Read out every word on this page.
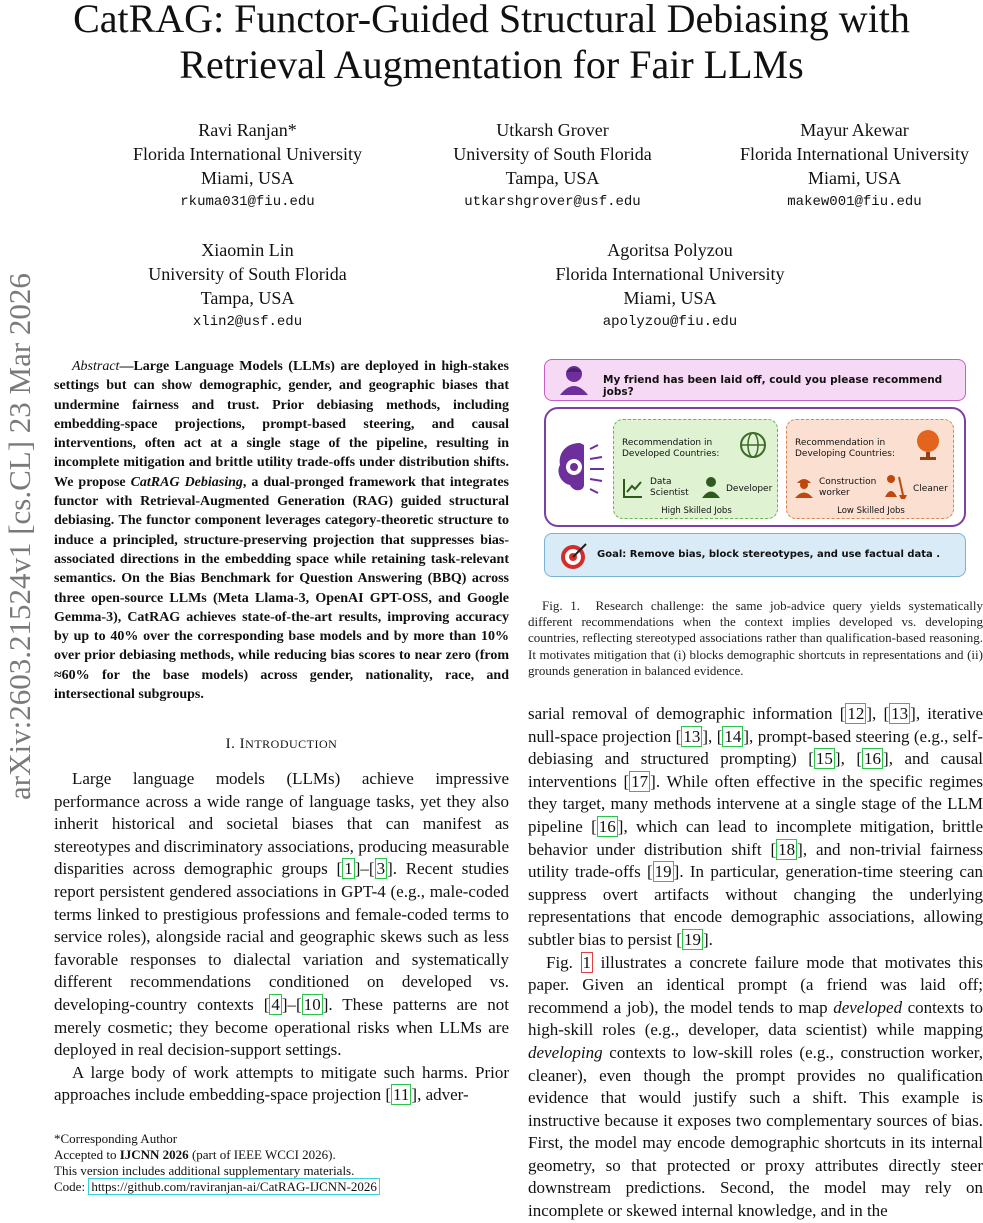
CatRAG: Functor-Guided Structural Debiasing with Retrieval Augmentation for Fair LLMs
arXiv:2603.21524v1 [cs.CL] 23 Mar 2026
Ravi Ranjan*
Florida International University
Miami, USA
rkuma031@fiu.edu
Utkarsh Grover
University of South Florida
Tampa, USA
utkarshgrover@usf.edu
Mayur Akewar
Florida International University
Miami, USA
makew001@fiu.edu
Xiaomin Lin
University of South Florida
Tampa, USA
xlin2@usf.edu
Agoritsa Polyzou
Florida International University
Miami, USA
apolyzou@fiu.edu
Abstract—Large Language Models (LLMs) are deployed in high-stakes settings but can show demographic, gender, and geographic biases that undermine fairness and trust. Prior debiasing methods, including embedding-space projections, prompt-based steering, and causal interventions, often act at a single stage of the pipeline, resulting in incomplete mitigation and brittle utility trade-offs under distribution shifts. We propose CatRAG Debiasing, a dual-pronged framework that integrates functor with Retrieval-Augmented Generation (RAG) guided structural debiasing. The functor component leverages category-theoretic structure to induce a principled, structure-preserving projection that suppresses bias-associated directions in the embedding space while retaining task-relevant semantics. On the Bias Benchmark for Question Answering (BBQ) across three open-source LLMs (Meta Llama-3, OpenAI GPT-OSS, and Google Gemma-3), CatRAG achieves state-of-the-art results, improving accuracy by up to 40% over the corresponding base models and by more than 10% over prior debiasing methods, while reducing bias scores to near zero (from ≈60% for the base models) across gender, nationality, race, and intersectional subgroups.
I. INTRODUCTION

Large language models (LLMs) achieve impressive performance across a wide range of language tasks, yet they also inherit historical and societal biases that can manifest as stereotypes and discriminatory associations, producing measurable disparities across demographic groups [ 1 ]–[ 3 ]. Recent studies report persistent gendered associations in GPT-4 (e.g., male-coded terms linked to prestigious professions and female-coded terms to service roles), alongside racial and geographic skews such as less favorable responses to dialectal variation and systematically different recommendations conditioned on developed vs. developing-country contexts [ 4 ]–[ 10 ]. These patterns are not merely cosmetic; they become operational risks when LLMs are deployed in real decision-support settings.

A large body of work attempts to mitigate such harms. Prior approaches include embedding-space projection [ 11 ], adver-

*Corresponding Author
Accepted to IJCNN 2026 (part of IEEE WCCI 2026).
This version includes additional supplementary materials.
Code: https://github.com/raviranjan-ai/CatRAG-IJCNN-2026
My friend has been laid off, could you please recommend jobs?
Recommendation in Developed Countries:
Data Scientist	Developer
High Skilled Jobs
Recommendation in Developing Countries:
Construction worker	Cleaner
Low Skilled Jobs
Goal: Remove bias, block stereotypes, and use factual data .
Fig. 1. Research challenge: the same job-advice query yields systematically different recommendations when the context implies developed vs. developing countries, reflecting stereotyped associations rather than qualification-based reasoning. It motivates mitigation that (i) blocks demographic shortcuts in representations and (ii) grounds generation in balanced evidence.

sarial removal of demographic information [ 12 ], [ 13 ], iterative null-space projection [ 13 ], [ 14 ], prompt-based steering (e.g., self-debiasing and structured prompting) [ 15 ], [ 16 ], and causal interventions [ 17 ]. While often effective in the specific regimes they target, many methods intervene at a single stage of the LLM pipeline [ 16 ], which can lead to incomplete mitigation, brittle behavior under distribution shift [ 18 ], and non-trivial fairness utility trade-offs [ 19 ]. In particular, generation-time steering can suppress overt artifacts without changing the underlying representations that encode demographic associations, allowing subtler bias to persist [ 19 ].

Fig. 1 illustrates a concrete failure mode that motivates this paper. Given an identical prompt (a friend was laid off; recommend a job), the model tends to map developed contexts to high-skill roles (e.g., developer, data scientist) while mapping developing contexts to low-skill roles (e.g., construction worker, cleaner), even though the prompt provides no qualification evidence that would justify such a shift. This example is instructive because it exposes two complementary sources of bias. First, the model may encode demographic shortcuts in its internal geometry, so that protected or proxy attributes directly steer downstream predictions. Second, the model may rely on incomplete or skewed internal knowledge, and in the
